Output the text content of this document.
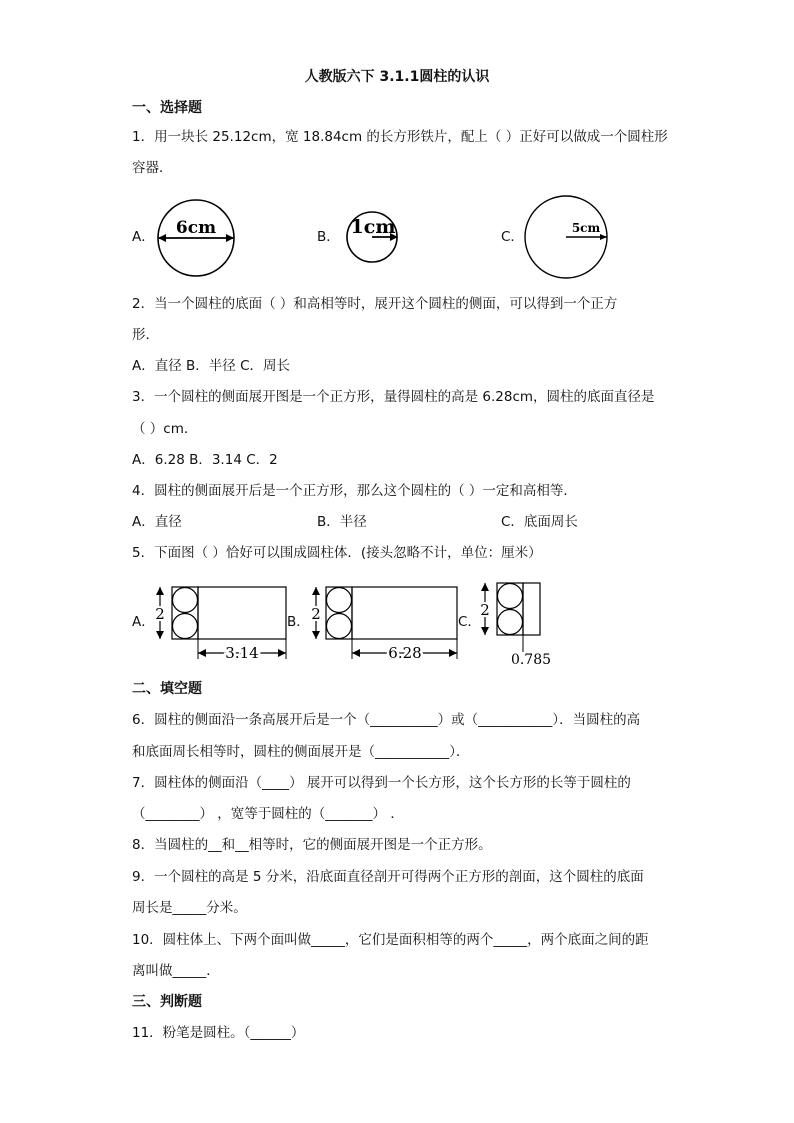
人教版六下 3.1.1圆柱的认识
一、选择题
1．用一块长 25.12cm，宽 18.84cm 的长方形铁片，配上（ ）正好可以做成一个圆柱形
容器．
A． 6cm	B． 1cm	C．
5cm
2．当一个圆柱的底面（ ）和高相等时，展开这个圆柱的侧面，可以得到一个正方
形．
A．直径 B．半径 C．周长
3．一个圆柱的侧面展开图是一个正方形，量得圆柱的高是 6.28cm，圆柱的底面直径是
（ ）cm．
A．6.28 B．3.14 C．2
4．圆柱的侧面展开后是一个正方形，那么这个圆柱的（ ）一定和高相等．
A．直径	B．半径	C．底面周长
5．下面图（ ）恰好可以围成圆柱体．(接头忽略不计，单位：厘米）
A． 2
3.14
B． 2
6.28
C．
2
0.785
二、填空题
6．圆柱的侧面沿一条高展开后是一个（__________）或（___________）．当圆柱的高
和底面周长相等时，圆柱的侧面展开是（___________）．
7．圆柱体的侧面沿（____） 展开可以得到一个长方形，这个长方形的长等于圆柱的
（________） ，宽等于圆柱的（_______） ．
8．当圆柱的__和__相等时，它的侧面展开图是一个正方形。
9．一个圆柱的高是 5 分米，沿底面直径剖开可得两个正方形的剖面，这个圆柱的底面
周长是_____分米。
10．圆柱体上、下两个面叫做_____，它们是面积相等的两个_____，两个底面之间的距
离叫做_____．
三、判断题
11．粉笔是圆柱。（______）
